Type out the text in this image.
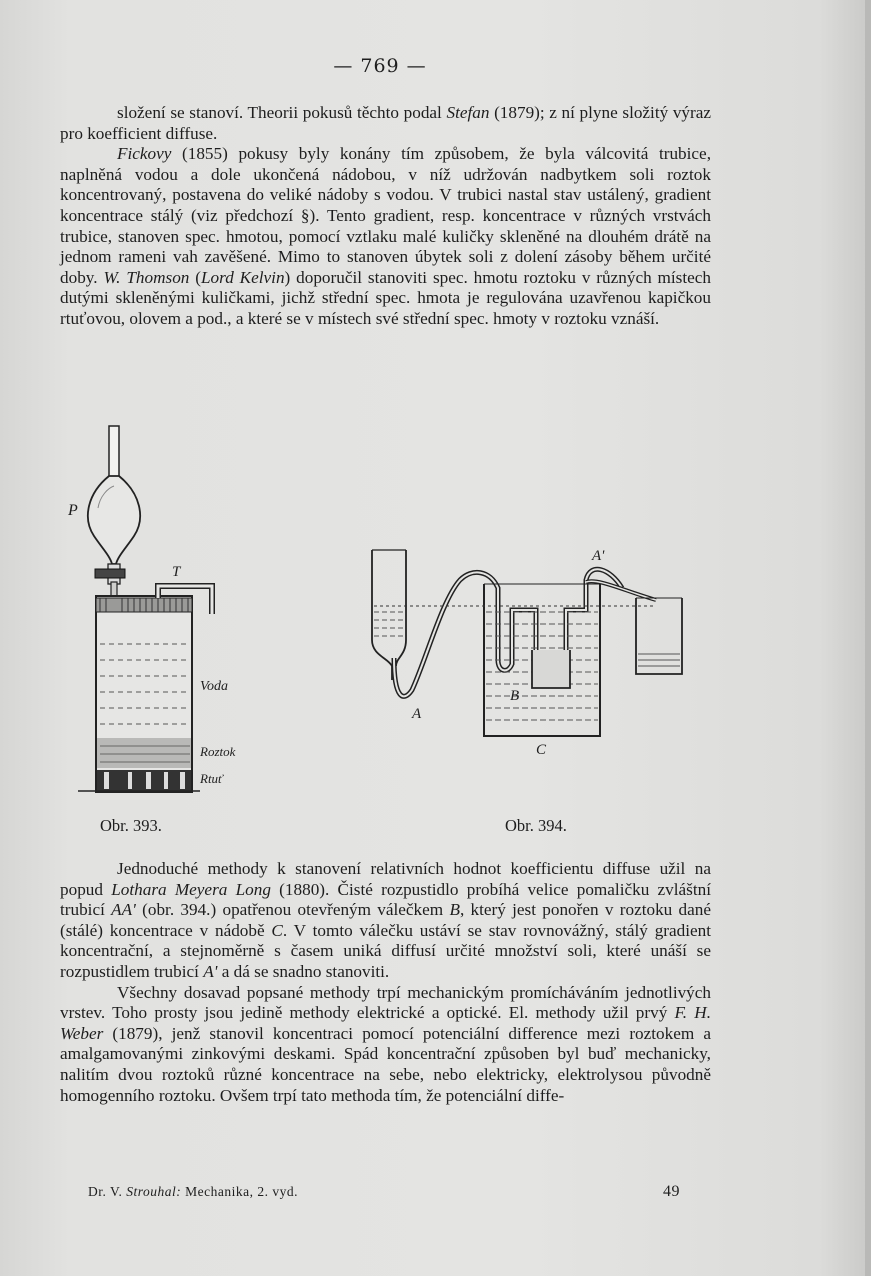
— 769 —

složení se stanoví. Theorii pokusů těchto podal Stefan (1879); z ní plyne složitý výraz pro koefficient diffuse.

Fickovy (1855) pokusy byly konány tím způsobem, že byla válcovitá trubice, naplněná vodou a dole ukončená nádobou, v níž udržován nadbytkem soli roztok koncentrovaný, postavena do veliké nádoby s vodou. V trubici nastal stav ustálený, gradient koncentrace stálý (viz předchozí §). Tento gradient, resp. koncentrace v různých vrstvách trubice, stanoven spec. hmotou, pomocí vztlaku malé kuličky skleněné na dlouhém drátě na jednom rameni vah zavěšené. Mimo to stanoven úbytek soli z dolení zásoby během určité doby. W. Thomson (Lord Kelvin) doporučil stanoviti spec. hmotu roztoku v různých místech dutými skleněnými kuličkami, jichž střední spec. hmota je regulována uzavřenou kapičkou rtuťovou, olovem a pod., a které se v místech své střední spec. hmoty v roztoku vznáší.

P
T
Voda
Roztok
Rtuť
Obr. 393.
A'
A
B
C
Obr. 394.

Jednoduché methody k stanovení relativních hodnot koefficientu diffuse užil na popud Lothara Meyera Long (1880). Čisté rozpustidlo probíhá velice pomaličku zvláštní trubicí AA' (obr. 394.) opatřenou otevřeným válečkem B, který jest ponořen v roztoku dané (stálé) koncentrace v nádobě C. V tomto válečku ustáví se stav rovnovážný, stálý gradient koncentrační, a stejnoměrně s časem uniká diffusí určité množství soli, které unáší se rozpustidlem trubicí A' a dá se snadno stanoviti.

Všechny dosavad popsané methody trpí mechanickým promícháváním jednotlivých vrstev. Toho prosty jsou jedině methody elektrické a optické. El. methody užil prvý F. H. Weber (1879), jenž stanovil koncentraci pomocí potenciální difference mezi roztokem a amalgamovanými zinkovými deskami. Spád koncentrační způsoben byl buď mechanicky, nalitím dvou roztoků různé koncentrace na sebe, nebo elektricky, elektrolysou původně homogenního roztoku. Ovšem trpí tato methoda tím, že potenciální diffe-

Dr. V. Strouhal: Mechanika, 2. vyd.	49
